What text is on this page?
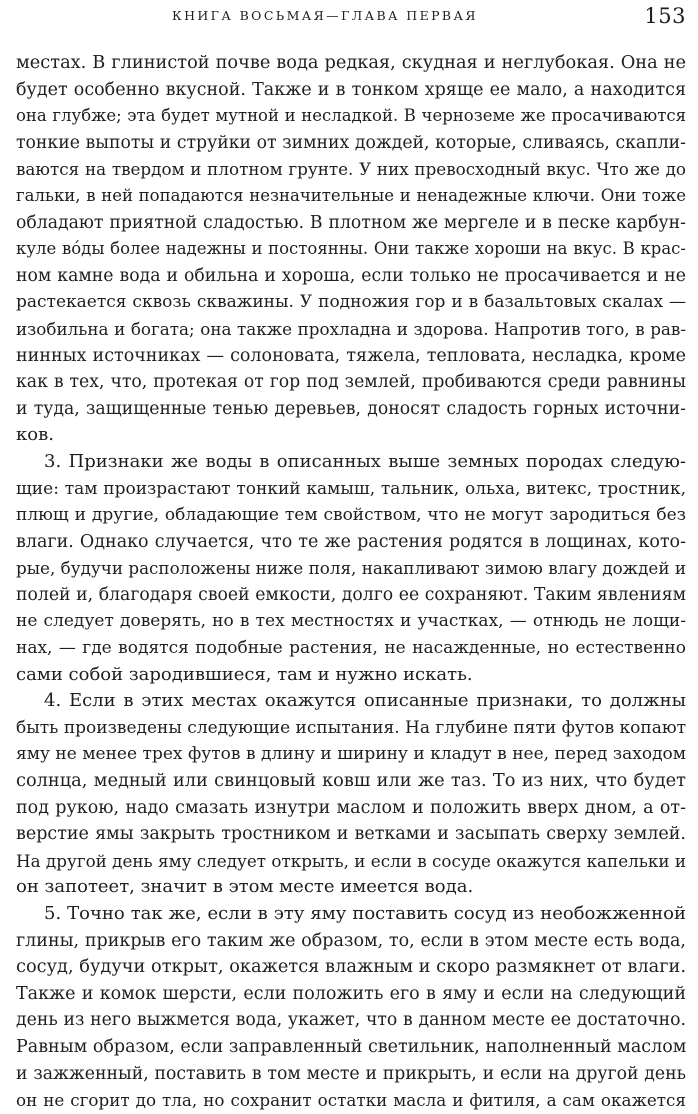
КНИГА ВОСЬМАЯ—ГЛАВА ПЕРВАЯ	153
местах. В глинистой почве вода редкая, скудная и неглубокая. Она не
будет особенно вкусной. Также и в тонком хряще ее мало, а находится
она глубже; эта будет мутной и несладкой. В черноземе же просачиваются
тонкие выпоты и струйки от зимних дождей, которые, сливаясь, скапли-
ваются на твердом и плотном грунте. У них превосходный вкус. Что же до
гальки, в ней попадаются незначительные и ненадежные ключи. Они тоже
обладают приятной сладостью. В плотном же мергеле и в песке карбун-
куле вóды более надежны и постоянны. Они также хороши на вкус. В крас-
ном камне вода и обильна и хороша, если только не просачивается и не
растекается сквозь скважины. У подножия гор и в базальтовых скалах —
изобильна и богата; она также прохладна и здорова. Напротив того, в рав-
нинных источниках — солоновата, тяжела, тепловата, несладка, кроме
как в тех, что, протекая от гор под землей, пробиваются среди равнины
и туда, защищенные тенью деревьев, доносят сладость горных источни-
ков.
3. Признаки же воды в описанных выше земных породах следую-
щие: там произрастают тонкий камыш, тальник, ольха, витекс, тростник,
плющ и другие, обладающие тем свойством, что не могут зародиться без
влаги. Однако случается, что те же растения родятся в лощинах, кото-
рые, будучи расположены ниже поля, накапливают зимою влагу дождей и
полей и, благодаря своей емкости, долго ее сохраняют. Таким явлениям
не следует доверять, но в тех местностях и участках, — отнюдь не лощи-
нах, — где водятся подобные растения, не насажденные, но естественно
сами собой зародившиеся, там и нужно искать.
4. Если в этих местах окажутся описанные признаки, то должны
быть произведены следующие испытания. На глубине пяти футов копают
яму не менее трех футов в длину и ширину и кладут в нее, перед заходом
солнца, медный или свинцовый ковш или же таз. То из них, что будет
под рукою, надо смазать изнутри маслом и положить вверх дном, а от-
верстие ямы закрыть тростником и ветками и засыпать сверху землей.
На другой день яму следует открыть, и если в сосуде окажутся капельки и
он запотеет, значит в этом месте имеется вода.
5. Точно так же, если в эту яму поставить сосуд из необожженной
глины, прикрыв его таким же образом, то, если в этом месте есть вода,
сосуд, будучи открыт, окажется влажным и скоро размякнет от влаги.
Также и комок шерсти, если положить его в яму и если на следующий
день из него выжмется вода, укажет, что в данном месте ее достаточно.
Равным образом, если заправленный светильник, наполненный маслом
и зажженный, поставить в том месте и прикрыть, и если на другой день
он не сгорит до тла, но сохранит остатки масла и фитиля, а сам окажется
